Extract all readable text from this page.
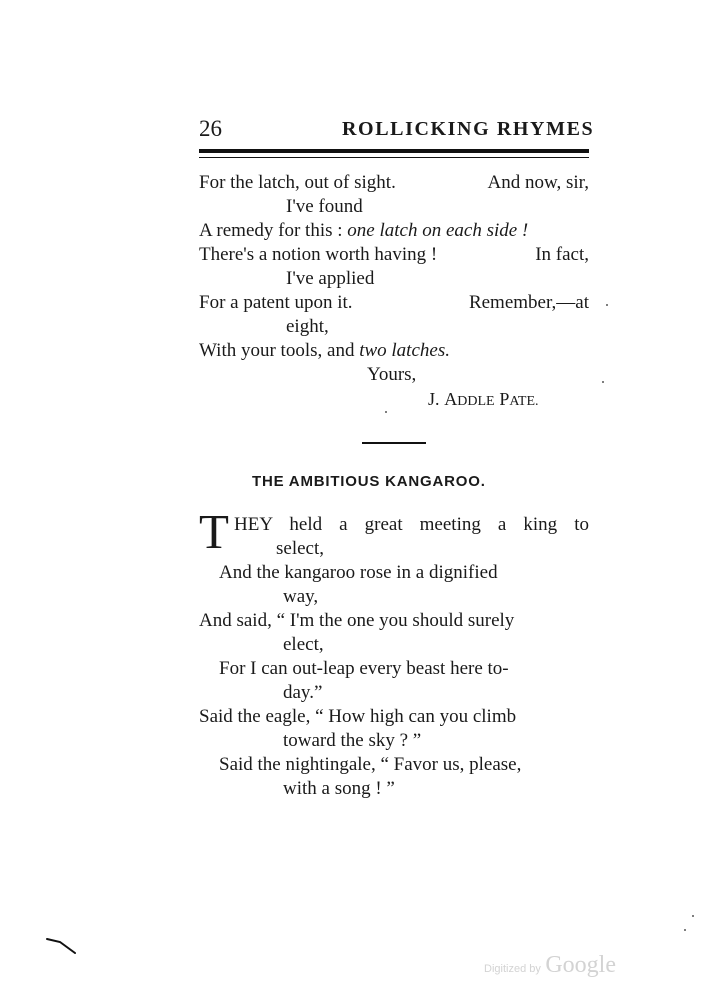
26	ROLLICKING RHYMES
For the latch, out of sight.	And now, sir,
I've found
A remedy for this : one latch on each side !
There's a notion worth having !	In fact,
I've applied
For a patent upon it.	Remember,—at
eight,
With your tools, and two latches.
Yours,
J. ADDLE PATE.
THE AMBITIOUS KANGAROO.
T HEY held a great meeting a king to
select,
And the kangaroo rose in a dignified
way,
And said, “ I'm the one you should surely
elect,
For I can out-leap every beast here to-
day.”
Said the eagle, “ How high can you climb
toward the sky ? ”
Said the nightingale, “ Favor us, please,
with a song ! ”
Digitized by Google
